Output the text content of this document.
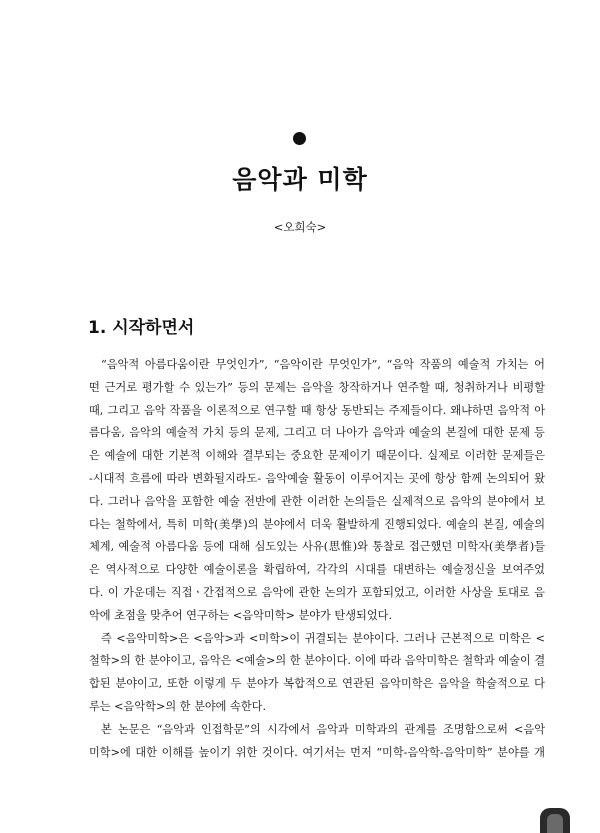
음악과 미학

<오희숙>

1. 시작하면서
“음악적 아름다움이란 무엇인가”, “음악이란 무엇인가”, “음악 작품의 예술적 가치는 어
떤 근거로 평가할 수 있는가” 등의 문제는 음악을 창작하거나 연주할 때, 청취하거나 비평할
때, 그리고 음악 작품을 이론적으로 연구할 때 항상 동반되는 주제들이다. 왜냐하면 음악적 아
름다움, 음악의 예술적 가치 등의 문제, 그리고 더 나아가 음악과 예술의 본질에 대한 문제 등
은 예술에 대한 기본적 이해와 결부되는 중요한 문제이기 때문이다. 실제로 이러한 문제들은
-시대적 흐름에 따라 변화될지라도- 음악예술 활동이 이루어지는 곳에 항상 함께 논의되어 왔
다. 그러나 음악을 포함한 예술 전반에 관한 이러한 논의들은 실제적으로 음악의 분야에서 보
다는 철학에서, 특히 미학(美學)의 분야에서 더욱 활발하게 진행되었다. 예술의 본질, 예술의
체계, 예술적 아름다움 등에 대해 심도있는 사유(思惟)와 통찰로 접근했던 미학자(美學者)들
은 역사적으로 다양한 예술이론을 확립하여, 각각의 시대를 대변하는 예술정신을 보여주었
다. 이 가운데는 직접ㆍ간접적으로 음악에 관한 논의가 포함되었고, 이러한 사상을 토대로 음
악에 초점을 맞추어 연구하는 <음악미학> 분야가 탄생되었다.
즉 <음악미학>은 <음악>과 <미학>이 귀결되는 분야이다. 그러나 근본적으로 미학은 <
철학>의 한 분야이고, 음악은 <예술>의 한 분야이다. 이에 따라 음악미학은 철학과 예술이 결
합된 분야이고, 또한 이렇게 두 분야가 복합적으로 연관된 음악미학은 음악을 학술적으로 다
루는 <음악학>의 한 분야에 속한다.
본 논문은 “음악과 인접학문”의 시각에서 음악과 미학과의 관계를 조명함으로써 <음악
미학>에 대한 이해를 높이기 위한 것이다. 여기서는 먼저 “미학-음악학-음악미학” 분야를 개
